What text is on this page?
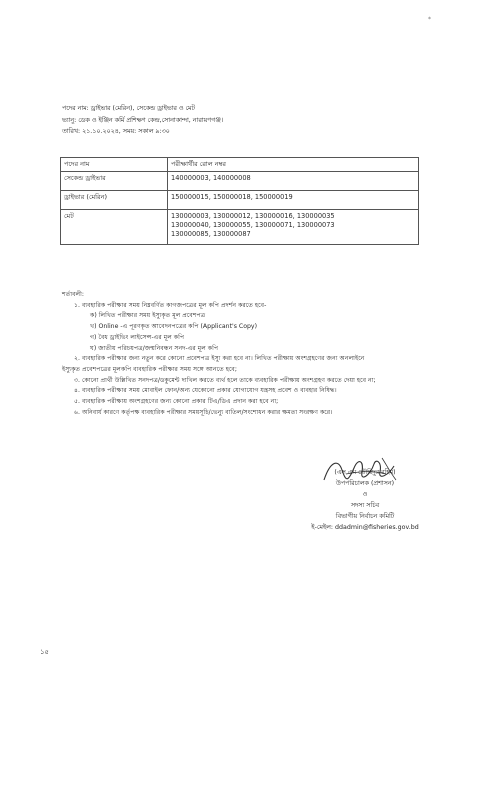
*
পদের নাম: ড্রাইভার (মেরিন), সেকেন্ড ড্রাইভার ও মেট
ভ্যানু: ডেক ও ইঞ্জিন কর্মি প্রশিক্ষণ কেন্দ্র,সোনাকান্দা, নারায়ণগঞ্জ।
তারিখ: ২১.১০.২০২৪, সময়: সকাল ৯:৩০
পদের নাম	পরীক্ষার্থীর রোল নম্বর
সেকেন্ড ড্রাইভার	140000003, 140000008

ড্রাইভার (মেরিন)	150000015, 150000018, 150000019

মেট	130000003, 130000012, 130000016, 130000035
130000040, 130000055, 130000071, 130000073
130000085, 130000087
শর্তাবলী:
১. ব্যবহারিক পরীক্ষার সময় নিম্নবর্ণিত কাগজপত্রের মূল কপি প্রদর্শন করতে হবে-
ক) লিখিত পরীক্ষার সময় ইস্যুকৃত মূল প্রবেশপত্র
খ) Online -এ পূরণকৃত আবেদনপত্রের কপি (Applicant's Copy)
গ) বৈধ ড্রাইভিং লাইসেন্স-এর মূল কপি
ঘ) জাতীয় পরিচয়পত্র/জন্মনিবন্ধন সনদ-এর মূল কপি
২. ব্যবহারিক পরীক্ষার জন্য নতুন করে কোনো প্রবেশপত্র ইস্যু করা হবে না। লিখিত পরীক্ষায় অংশগ্রহণের জন্য অনলাইনে
ইস্যুকৃত প্রবেশপত্রের মূলকপি ব্যবহারিক পরীক্ষার সময় সঙ্গে আনতে হবে;
৩. কোনো প্রার্থী উল্লিখিত সনদপত্র/ডকুমেন্ট দাখিল করতে ব্যর্থ হলে তাকে ব্যবহারিক পরীক্ষায় অংশগ্রহণ করতে দেয়া হবে না;
৪. ব্যবহারিক পরীক্ষার সময় মোবাইল ফোন/অন্য যেকোনো প্রকার যোগাযোগ যন্ত্রসহ প্রবেশ ও ব্যবহার নিষিদ্ধ।
৫. ব্যবহারিক পরীক্ষায় অংশগ্রহণের জন্য কোনো প্রকার টিএ/ডিএ প্রদান করা হবে না;
৬. অনিবার্য কারণে কর্তৃপক্ষ ব্যবহারিক পরীক্ষার সময়সূচি/ভেন্যু বাতিল/সংশোধন করার ক্ষমতা সংরক্ষণ করে।
(এস এম তৌহিদুর রহিম)
উপপরিচালক (প্রশাসন)
ও
সদস্য সচিব
বিভাগীয় নির্বাচন কমিটি
ই-মেইল: ddadmin@fisheries.gov.bd
১৫
